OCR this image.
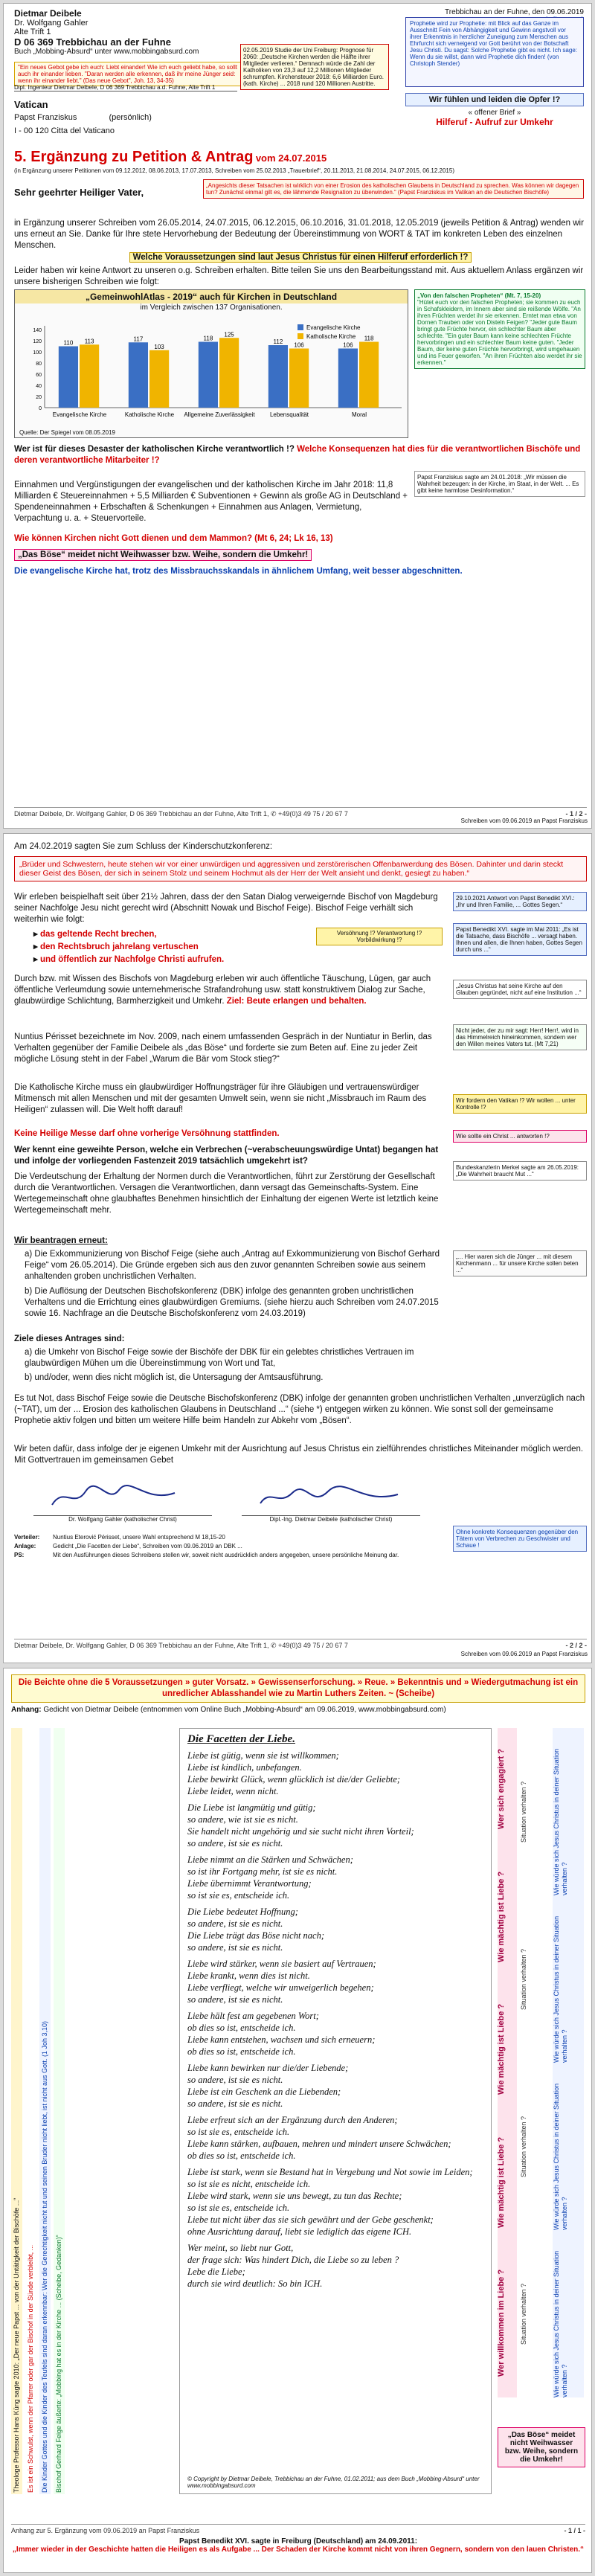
Dietmar Deibele
Dr. Wolfgang Gahler
Alte Trift 1
D 06 369 Trebbichau an der Fuhne
Buch „Mobbing-Absurd“ unter www.mobbingabsurd.com
Trebbichau an der Fuhne, den 09.06.2019
"Ein neues Gebot gebe ich euch: Liebt einander! Wie ich euch geliebt habe, so sollt auch ihr einander lieben. "Daran werden alle erkennen, daß ihr meine Jünger seid: wenn ihr einander liebt." (Das neue Gebot", Joh. 13, 34-35)
Dipl. Ingenieur Dietmar Deibele, D 06 369 Trebbichau a.d. Fuhne, Alte Trift 1
Vatican
Papst Franziskus	(persönlich)
I - 00 120 Citta del Vaticano
02.05.2019 Studie der Uni Freiburg: Prognose für 2060: „Deutsche Kirchen werden die Hälfte ihrer Mitglieder verlieren.“ Demnach würde die Zahl der Katholiken von 23,3 auf 12,2 Millionen Mitglieder schrumpfen. Kirchensteuer 2018: 6,6 Milliarden Euro. (kath. Kirche) ... 2018 rund 120 Millionen Austritte.
Prophetie wird zur Prophetie: mit Blick auf das Ganze im Ausschnitt Fein von Abhängigkeit und Gewinn angstvoll vor ihrer Erkenntnis in herzlicher Zuneigung zum Menschen aus Ehrfurcht sich verneigend vor Gott berührt von der Botschaft Jesu Christi. Du sagst: Solche Prophetie gibt es nicht. Ich sage: Wenn du sie willst, dann wird Prophetie dich finden! (von Christoph Stender)
Wir fühlen und leiden die Opfer !?
« offener Brief »
Hilferuf - Aufruf zur Umkehr
5. Ergänzung zu Petition & Antrag vom 24.07.2015
(in Ergänzung unserer Petitionen vom 09.12.2012, 08.06.2013, 17.07.2013, Schreiben vom 25.02.2013 „Trauerbrief“, 20.11.2013, 21.08.2014, 24.07.2015, 06.12.2015)
Sehr geehrter Heiliger Vater,
„Angesichts dieser Tatsachen ist wirklich von einer Erosion des katholischen Glaubens in Deutschland zu sprechen. Was können wir dagegen tun? Zunächst einmal gilt es, die lähmende Resignation zu überwinden.“ (Papst Franziskus im Vatikan an die Deutschen Bischöfe)
in Ergänzung unserer Schreiben vom 26.05.2014, 24.07.2015, 06.12.2015, 06.10.2016, 31.01.2018, 12.05.2019 (jeweils Petition & Antrag) wenden wir uns erneut an Sie. Danke für Ihre stete Hervorhebung der Bedeutung der Übereinstimmung von WORT & TAT im konkreten Leben des einzelnen Menschen.
Welche Voraussetzungen sind laut Jesus Christus für einen Hilferuf erforderlich !?
Leider haben wir keine Antwort zu unseren o.g. Schreiben erhalten. Bitte teilen Sie uns den Bearbeitungsstand mit. Aus aktuellem Anlass ergänzen wir unsere bisherigen Schreiben wie folgt:
„GemeinwohlAtlas - 2019“ auch für Kirchen in Deutschland
im Vergleich zwischen 137 Organisationen.
110
117	118	112	106
113
103
125
106
118
Evangelische Kirche	Katholische Kirche Allgemeine Zuverlässigkeit	Lebensqualität	Moral
0
20
40
60
80
100
120
140	Evangelische Kirche
Katholische Kirche
Quelle: Der Spiegel vom 08.05.2019
„Von den falschen Propheten“ (Mt. 7, 15-20)
"Hütet euch vor den falschen Propheten; sie kommen zu euch in Schafskleidern, im Innern aber sind sie reißende Wölfe. "An ihren Früchten werdet ihr sie erkennen. Erntet man etwa von Dornen Trauben oder von Disteln Feigen? "Jeder gute Baum bringt gute Früchte hervor, ein schlechter Baum aber schlechte. "Ein guter Baum kann keine schlechten Früchte hervorbringen und ein schlechter Baum keine guten. "Jeder Baum, der keine guten Früchte hervorbringt, wird umgehauen und ins Feuer geworfen. "An ihren Früchten also werdet ihr sie erkennen."
Papst Franziskus sagte am 24.01.2018: „Wir müssen die Wahrheit bezeugen: in der Kirche, im Staat, in der Welt. ... Es gibt keine harmlose Desinformation.“
Wer ist für dieses Desaster der katholischen Kirche verantwortlich !? Welche Konsequenzen hat dies für die verantwortlichen Bischöfe und deren verantwortliche Mitarbeiter !?
Einnahmen und Vergünstigungen der evangelischen und der katholischen Kirche im Jahr 2018: 11,8 Milliarden € Steuereinnahmen + 5,5 Milliarden € Subventionen + Gewinn als große AG in Deutschland + Spendeneinnahmen + Erbschaften & Schenkungen + Einnahmen aus Anlagen, Vermietung, Verpachtung u. a. + Steuervorteile.
Wie können Kirchen nicht Gott dienen und dem Mammon? (Mt 6, 24; Lk 16, 13)
„Das Böse“ meidet nicht Weihwasser bzw. Weihe, sondern die Umkehr!
Die evangelische Kirche hat, trotz des Missbrauchsskandals in ähnlichem Umfang, weit besser abgeschnitten.
Dietmar Deibele, Dr. Wolfgang Gahler, D 06 369 Trebbichau an der Fuhne, Alte Trift 1, ✆ +49(0)3 49 75 / 20 67 7	- 1 / 2 -
Schreiben vom 09.06.2019 an Papst Franziskus
Am 24.02.2019 sagten Sie zum Schluss der Kinderschutzkonferenz:
„Brüder und Schwestern, heute stehen wir vor einer unwürdigen und aggressiven und zerstörerischen Offenbarwerdung des Bösen. Dahinter und darin steckt dieser Geist des Bösen, der sich in seinem Stolz und seinem Hochmut als der Herr der Welt ansieht und denkt, gesiegt zu haben.“
Wir erleben beispielhaft seit über 21½ Jahren, dass der den Satan Dialog verweigernde Bischof von Magdeburg seiner Nachfolge Jesu nicht gerecht wird (Abschnitt Nowak und Bischof Feige). Bischof Feige verhält sich weiterhin wie folgt:
▸ das geltende Recht brechen,
▸ den Rechtsbruch jahrelang vertuschen
▸ und öffentlich zur Nachfolge Christi aufrufen.
Versöhnung !? Verantwortung !? Vorbildwirkung !?
29.10.2021 Antwort von Papst Benedikt XVI.: „Ihr und Ihren Familie, ... Gottes Segen.“
Papst Benedikt XVI. sagte im Mai 2011: „Es ist die Tatsache, dass Bischöfe ... versagt haben. Ihnen und allen, die Ihnen haben, Gottes Segen durch uns ...“
Durch bzw. mit Wissen des Bischofs von Magdeburg erleben wir auch öffentliche Täuschung, Lügen, gar auch öffentliche Verleumdung sowie unternehmerische Strafandrohung usw. statt konstruktivem Dialog zur Sache, glaubwürdige Schlichtung, Barmherzigkeit und Umkehr. Ziel: Beute erlangen und behalten.
Nuntius Périsset bezeichnete im Nov. 2009, nach einem umfassenden Gespräch in der Nuntiatur in Berlin, das Verhalten gegenüber der Familie Deibele als „das Böse“ und forderte sie zum Beten auf. Eine zu jeder Zeit mögliche Lösung steht in der Fabel „Warum die Bär vom Stock stieg?“
„Jesus Christus hat seine Kirche auf den Glauben gegründet, nicht auf eine Institution ...“
Nicht jeder, der zu mir sagt: Herr! Herr!, wird in das Himmelreich hineinkommen, sondern wer den Willen meines Vaters tut. (Mt 7,21)
Die Katholische Kirche muss ein glaubwürdiger Hoffnungsträger für ihre Gläubigen und vertrauenswürdiger Mitmensch mit allen Menschen und mit der gesamten Umwelt sein, wenn sie nicht „Missbrauch im Raum des Heiligen“ zulassen will. Die Welt hofft darauf!
Keine Heilige Messe darf ohne vorherige Versöhnung stattfinden.
Wer kennt eine geweihte Person, welche ein Verbrechen (~verabscheuungswürdige Untat) begangen hat und infolge der vorliegenden Fastenzeit 2019 tatsächlich umgekehrt ist?
Die Verdeutschung der Erhaltung der Normen durch die Verantwortlichen, führt zur Zerstörung der Gesellschaft durch die Verantwortlichen. Versagen die Verantwortlichen, dann versagt das Gemeinschafts-System. Eine Wertegemeinschaft ohne glaubhaftes Benehmen hinsichtlich der Einhaltung der eigenen Werte ist letztlich keine Wertegemeinschaft mehr.
Wir fordern den Vatikan !? Wir wollen ... unter Kontrolle !?
Wie sollte ein Christ ... antworten !?
Bundeskanzlerin Merkel sagte am 26.05.2019: „Die Wahrheit braucht Mut ...“
Wir beantragen erneut:
a) Die Exkommunizierung von Bischof Feige (siehe auch „Antrag auf Exkommunizierung von Bischof Gerhard Feige“ vom 26.05.2014). Die Gründe ergeben sich aus den zuvor genannten Schreiben sowie aus seinem anhaltenden groben unchristlichen Verhalten.
b) Die Auflösung der Deutschen Bischofskonferenz (DBK) infolge des genannten groben unchristlichen Verhaltens und die Errichtung eines glaubwürdigen Gremiums. (siehe hierzu auch Schreiben vom 24.07.2015 sowie 16. Nachfrage an die Deutsche Bischofskonferenz vom 24.03.2019)
Ziele dieses Antrages sind:
a) die Umkehr von Bischof Feige sowie der Bischöfe der DBK für ein gelebtes christliches Vertrauen im glaubwürdigen Mühen um die Übereinstimmung von Wort und Tat,
b) und/oder, wenn dies nicht möglich ist, die Untersagung der Amtsausführung.
„... Hier waren sich die Jünger ... mit diesem Kirchenmann ... für unsere Kirche sollen beten ...“
Es tut Not, dass Bischof Feige sowie die Deutsche Bischofskonferenz (DBK) infolge der genannten groben unchristlichen Verhalten „unverzüglich nach (~TAT), um der ... Erosion des katholischen Glaubens in Deutschland ...“ (siehe *) entgegen wirken zu können. Wie sonst soll der gemeinsame Prophetie aktiv folgen und bitten um weitere Hilfe beim Handeln zur Abkehr vom „Bösen“.
Wir beten dafür, dass infolge der je eigenen Umkehr mit der Ausrichtung auf Jesus Christus ein zielführendes christliches Miteinander möglich werden. Mit Gottvertrauen im gemeinsamen Gebet
Dr. Wolfgang Gahler (katholischer Christ)	Dipl.-Ing. Dietmar Deibele (katholischer Christ)
Verteiler: Nuntius Eterović Périsset, unsere Wahl entsprechend M 18,15-20
Anlage:	Gedicht „Die Facetten der Liebe“, Schreiben vom 09.06.2019 an DBK ...
PS:	Mit den Ausführungen dieses Schreibens stellen wir, soweit nicht ausdrücklich anders angegeben, unsere persönliche Meinung dar.
Ohne konkrete Konsequenzen gegenüber den Tätern von Verbrechen zu Geschwister und Schaue !
Dietmar Deibele, Dr. Wolfgang Gahler, D 06 369 Trebbichau an der Fuhne, Alte Trift 1, ✆ +49(0)3 49 75 / 20 67 7	- 2 / 2 -
Schreiben vom 09.06.2019 an Papst Franziskus
Die Beichte ohne die 5 Voraussetzungen » guter Vorsatz. » Gewissenserforschung. » Reue. » Bekenntnis und » Wiedergutmachung ist ein unredlicher Ablasshandel wie zu Martin Luthers Zeiten. ~ (Scheibe)
Anhang: Gedicht von Dietmar Deibele (entnommen vom Online Buch „Mobbing-Absurd“ am 09.06.2019, www.mobbingabsurd.com)
Theologe Professor Hans Küng sagte 2010: „Der neue Papst ... von der Untätigkeit der Bischöfe ...“	Es ist ein Schwulst, wenn der Pfarrer oder gar der Bischof in der Sünde verbleibt, ...	Die Kinder Gottes und die Kinder des Teufels sind daran erkennbar: Wer die Gerechtigkeit nicht tut und seinen Bruder nicht liebt, ist nicht aus Gott. (1 Joh 3,10)	Bischof Gerhard Feige äußerte: „Mobbing hat es in der Kirche ... (Scheibe, Gedanken)“
Die Facetten der Liebe.
Liebe ist gütig, wenn sie ist willkommen;
Liebe ist kindlich, unbefangen.
Liebe bewirkt Glück, wenn glücklich ist die/der Geliebte;
Liebe leidet, wenn nicht.

Die Liebe ist langmütig und gütig;
so andere, wie ist sie es nicht.
Sie handelt nicht ungehörig und sie sucht nicht ihren Vorteil;
so andere, ist sie es nicht.

Liebe nimmt an die Stärken und Schwächen;
so ist ihr Fortgang mehr, ist sie es nicht.
Liebe übernimmt Verantwortung;
so ist sie es, entscheide ich.

Die Liebe bedeutet Hoffnung;
so andere, ist sie es nicht.
Die Liebe trägt das Böse nicht nach;
so andere, ist sie es nicht.

Liebe wird stärker, wenn sie basiert auf Vertrauen;
Liebe krankt, wenn dies ist nicht.
Liebe verfliegt, welche wir unweigerlich begehen;
so andere, ist sie es nicht.

Liebe hält fest am gegebenen Wort;
ob dies so ist, entscheide ich.
Liebe kann entstehen, wachsen und sich erneuern;
ob dies so ist, entscheide ich.

Liebe kann bewirken nur die/der Liebende;
so andere, ist sie es nicht.
Liebe ist ein Geschenk an die Liebenden;
so andere, ist sie es nicht.

Liebe erfreut sich an der Ergänzung durch den Anderen;
so ist sie es, entscheide ich.
Liebe kann stärken, aufbauen, mehren und mindert unsere Schwächen;
ob dies so ist, entscheide ich.

Liebe ist stark, wenn sie Bestand hat in Vergebung und Not sowie im Leiden;
so ist sie es nicht, entscheide ich.
Liebe wird stark, wenn sie uns bewegt, zu tun das Rechte;
so ist sie es, entscheide ich.
Liebe tut nicht über das sie sich gewährt und der Gebe geschenkt;
ohne Ausrichtung darauf, liebt sie lediglich das eigene ICH.

Wer meint, so liebt nur Gott,
der frage sich: Was hindert Dich, die Liebe so zu leben ?
Lebe die Liebe;
durch sie wird deutlich: So bin ICH.
© Copyright by Dietmar Deibele, Trebbichau an der Fuhne, 01.02.2011; aus dem Buch „Mobbing-Absurd“ unter www.mobbingabsurd.com
Wer willkommen im Liebe ?
Wie mächtig ist Liebe ?
Wie mächtig ist Liebe ?
Wie mächtig ist Liebe ?
Wer sich engagiert ?
Situation verhalten ?
Situation verhalten ?
Situation verhalten ?
Situation verhalten ?
Wie würde sich Jesus Christus in deiner Situation verhalten ?
Wie würde sich Jesus Christus in deiner Situation verhalten ?
Wie würde sich Jesus Christus in deiner Situation verhalten ?
Wie würde sich Jesus Christus in deiner Situation verhalten ?
„Das Böse“ meidet nicht Weihwasser bzw. Weihe, sondern die Umkehr!
Anhang zur 5. Ergänzung vom 09.06.2019 an Papst Franziskus	- 1 / 1 -
Papst Benedikt XVI. sagte in Freiburg (Deutschland) am 24.09.2011:
„Immer wieder in der Geschichte hatten die Heiligen es als Aufgabe ... Der Schaden der Kirche kommt nicht von ihren Gegnern, sondern von den lauen Christen.“
